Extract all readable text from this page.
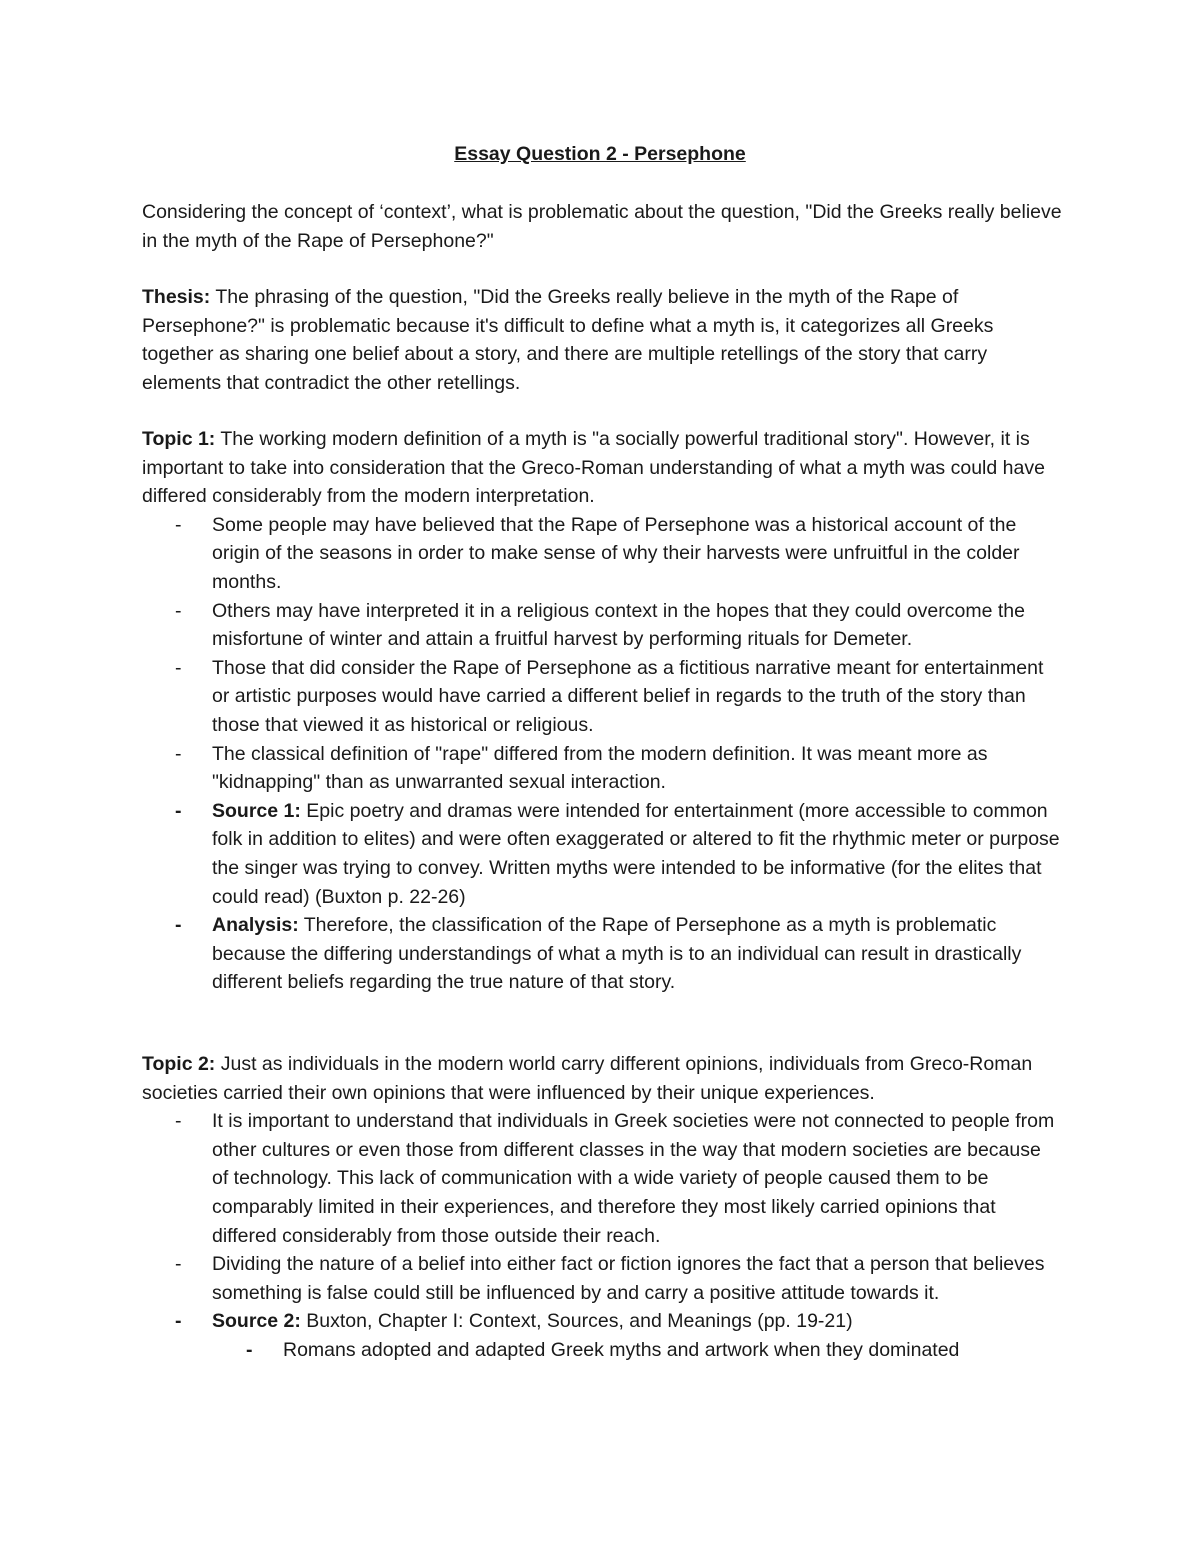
Essay Question 2 - Persephone

Considering the concept of ‘context’, what is problematic about the question, "Did the Greeks really believe in the myth of the Rape of Persephone?"

Thesis: The phrasing of the question, "Did the Greeks really believe in the myth of the Rape of Persephone?" is problematic because it's difficult to define what a myth is, it categorizes all Greeks together as sharing one belief about a story, and there are multiple retellings of the story that carry elements that contradict the other retellings.

Topic 1: The working modern definition of a myth is "a socially powerful traditional story". However, it is important to take into consideration that the Greco-Roman understanding of what a myth was could have differed considerably from the modern interpretation.

- Some people may have believed that the Rape of Persephone was a historical account of the origin of the seasons in order to make sense of why their harvests were unfruitful in the colder months.
- Others may have interpreted it in a religious context in the hopes that they could overcome the misfortune of winter and attain a fruitful harvest by performing rituals for Demeter.
- Those that did consider the Rape of Persephone as a fictitious narrative meant for entertainment or artistic purposes would have carried a different belief in regards to the truth of the story than those that viewed it as historical or religious.
- The classical definition of "rape" differed from the modern definition. It was meant more as "kidnapping" than as unwarranted sexual interaction.
- Source 1: Epic poetry and dramas were intended for entertainment (more accessible to common folk in addition to elites) and were often exaggerated or altered to fit the rhythmic meter or purpose the singer was trying to convey. Written myths were intended to be informative (for the elites that could read) (Buxton p. 22-26)
- Analysis: Therefore, the classification of the Rape of Persephone as a myth is problematic because the differing understandings of what a myth is to an individual can result in drastically different beliefs regarding the true nature of that story.

Topic 2: Just as individuals in the modern world carry different opinions, individuals from Greco-Roman societies carried their own opinions that were influenced by their unique experiences.

- It is important to understand that individuals in Greek societies were not connected to people from other cultures or even those from different classes in the way that modern societies are because of technology. This lack of communication with a wide variety of people caused them to be comparably limited in their experiences, and therefore they most likely carried opinions that differed considerably from those outside their reach.
- Dividing the nature of a belief into either fact or fiction ignores the fact that a person that believes something is false could still be influenced by and carry a positive attitude towards it.
- Source 2: Buxton, Chapter I: Context, Sources, and Meanings (pp. 19-21)
- Romans adopted and adapted Greek myths and artwork when they dominated
